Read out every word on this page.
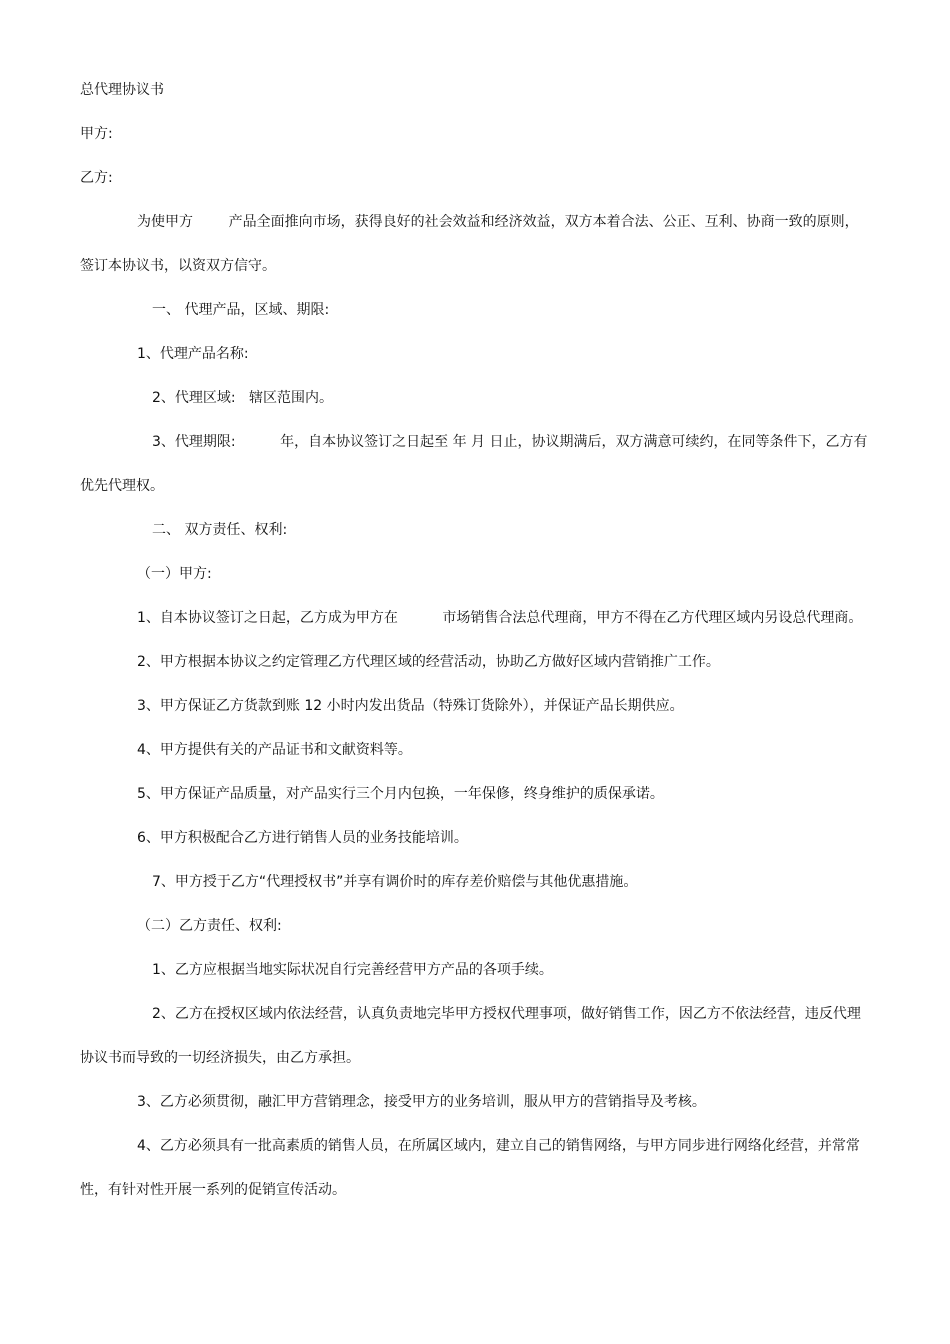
总代理协议书
甲方:
乙方:
为使甲方        产品全面推向市场，获得良好的社会效益和经济效益，双方本着合法、公正、互利、协商一致的原则，
签订本协议书，以资双方信守。
一、 代理产品，区域、期限:
1、代理产品名称:
2、代理区域:   辖区范围内。
3、代理期限:          年，自本协议签订之日起至 年 月 日止，协议期满后，双方满意可续约，在同等条件下，乙方有
优先代理权。
二、 双方责任、权利:
（一）甲方:
1、自本协议签订之日起，乙方成为甲方在          市场销售合法总代理商，甲方不得在乙方代理区域内另设总代理商。
2、甲方根据本协议之约定管理乙方代理区域的经营活动，协助乙方做好区域内营销推广工作。
3、甲方保证乙方货款到账 12 小时内发出货品（特殊订货除外），并保证产品长期供应。
4、甲方提供有关的产品证书和文献资料等。
5、甲方保证产品质量，对产品实行三个月内包换，一年保修，终身维护的质保承诺。
6、甲方积极配合乙方进行销售人员的业务技能培训。
7、甲方授于乙方“代理授权书”并享有调价时的库存差价赔偿与其他优惠措施。
（二）乙方责任、权利:
1、乙方应根据当地实际状况自行完善经营甲方产品的各项手续。
2、乙方在授权区域内依法经营，认真负责地完毕甲方授权代理事项，做好销售工作，因乙方不依法经营，违反代理
协议书而导致的一切经济损失，由乙方承担。
3、乙方必须贯彻，融汇甲方营销理念，接受甲方的业务培训，服从甲方的营销指导及考核。
4、乙方必须具有一批高素质的销售人员，在所属区域内，建立自己的销售网络，与甲方同步进行网络化经营，并常常
性，有针对性开展一系列的促销宣传活动。
